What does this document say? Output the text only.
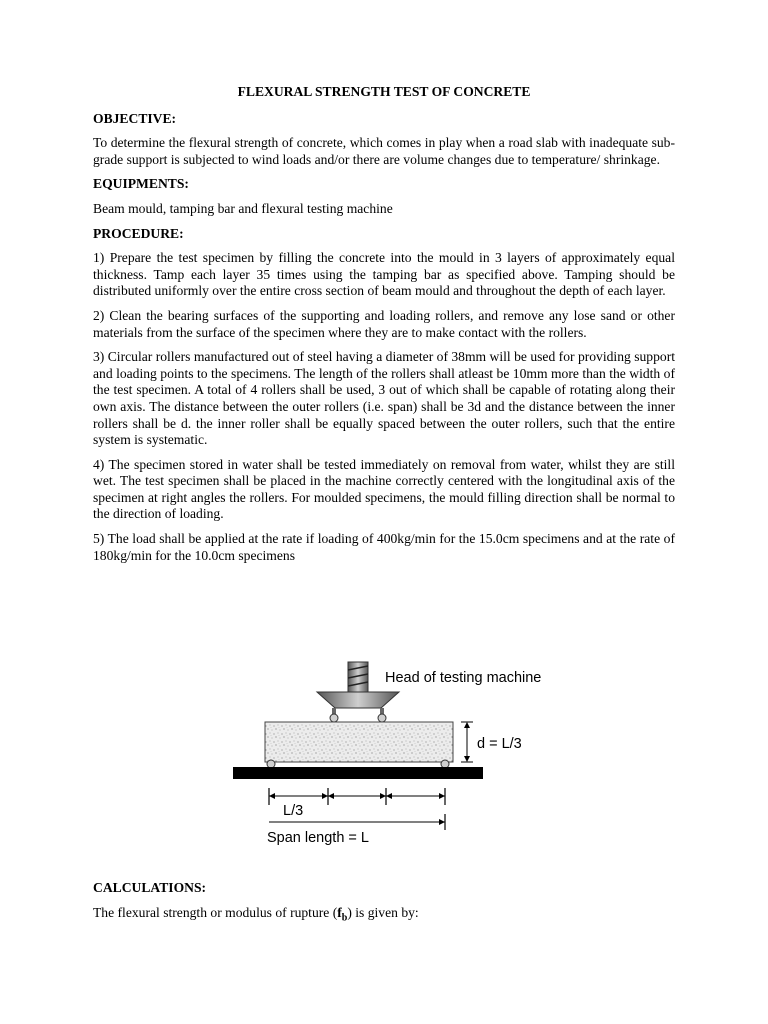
FLEXURAL STRENGTH TEST OF CONCRETE
OBJECTIVE:

To determine the flexural strength of concrete, which comes in play when a road slab with inadequate sub-grade support is subjected to wind loads and/or there are volume changes due to temperature/ shrinkage.

EQUIPMENTS:

Beam mould, tamping bar and flexural testing machine

PROCEDURE:

1) Prepare the test specimen by filling the concrete into the mould in 3 layers of approximately equal thickness. Tamp each layer 35 times using the tamping bar as specified above. Tamping should be distributed uniformly over the entire cross section of beam mould and throughout the depth of each layer.

2) Clean the bearing surfaces of the supporting and loading rollers, and remove any lose sand or other materials from the surface of the specimen where they are to make contact with the rollers.

3) Circular rollers manufactured out of steel having a diameter of 38mm will be used for providing support and loading points to the specimens. The length of the rollers shall atleast be 10mm more than the width of the test specimen. A total of 4 rollers shall be used, 3 out of which shall be capable of rotating along their own axis. The distance between the outer rollers (i.e. span) shall be 3d and the distance between the inner rollers shall be d. the inner roller shall be equally spaced between the outer rollers, such that the entire system is systematic.

4) The specimen stored in water shall be tested immediately on removal from water, whilst they are still wet. The test specimen shall be placed in the machine correctly centered with the longitudinal axis of the specimen at right angles the rollers. For moulded specimens, the mould filling direction shall be normal to the direction of loading.

5) The load shall be applied at the rate if loading of 400kg/min for the 15.0cm specimens and at the rate of 180kg/min for the 10.0cm specimens

Head of testing machine
d = L/3
L/3
Span length = L
CALCULATIONS:

The flexural strength or modulus of rupture $(f_b)$ is given by:
